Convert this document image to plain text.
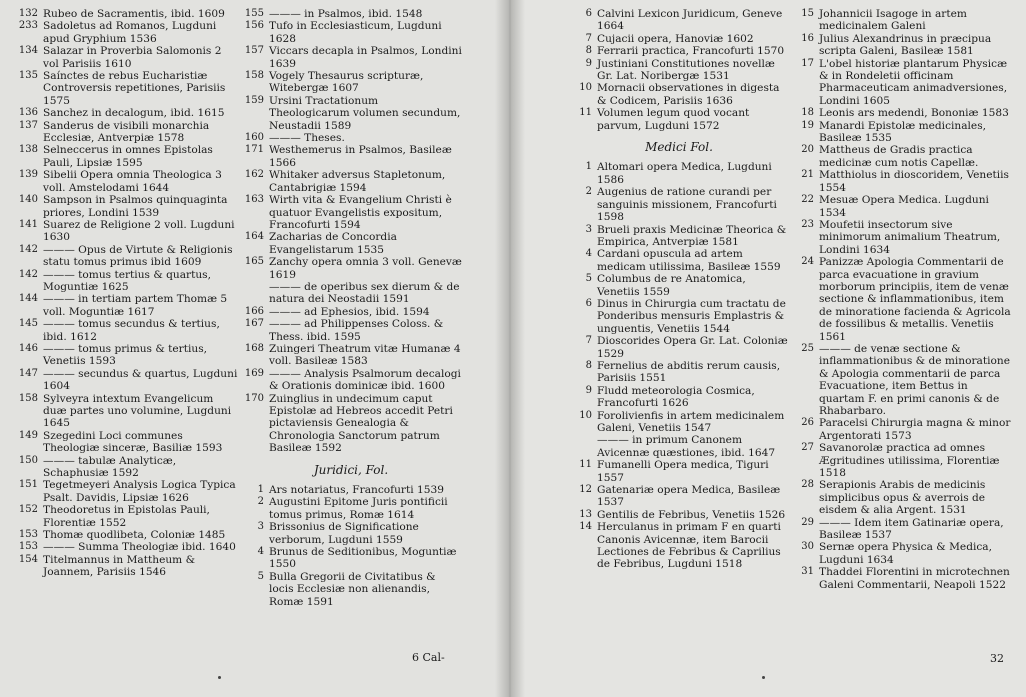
132 Rubeo de Sacramentis, ibid. 1609
233 Sadoletus ad Romanos, Lugduni apud Gryphium 1536
134 Salazar in Proverbia Salomonis 2 vol Parisiis 1610
135 Saínctes de rebus Eucharistiæ Controversis repetitiones, Parisiis 1575
136 Sanchez in decalogum, ibid. 1615
137 Sanderus de visibili monarchia Ecclesiæ, Antverpiæ 1578
138 Selneccerus in omnes Epistolas Pauli, Lipsiæ 1595
139 Sibelii Opera omnia Theologica 3 voll. Amstelodami 1644
140 Sampson in Psalmos quinquaginta priores, Londini 1539
141 Suarez de Religione 2 voll. Lugduni 1630
142 ——— Opus de Virtute & Religionis statu tomus primus ibid 1609
142 ——— tomus tertius & quartus, Moguntiæ 1625
144 ——— in tertiam partem Thomæ 5 voll. Moguntiæ 1617
145 ——— tomus secundus & tertius, ibid. 1612
146 ——— tomus primus & tertius, Venetiis 1593
147 ——— secundus & quartus, Lugduni 1604
158 Sylveyra intextum Evangelicum duæ partes uno volumine, Lugduni 1645
149 Szegedini Loci communes Theologiæ sinceræ, Basiliæ 1593
150 ——— tabulæ Analyticæ, Schaphusiæ 1592
151 Tegetmeyeri Analysis Logica Typica Psalt. Davidis, Lipsiæ 1626
152 Theodoretus in Epistolas Pauli, Florentiæ 1552
153 Thomæ quodlibeta, Coloniæ 1485
153 ——— Summa Theologiæ ibid. 1640
154 Titelmannus in Mattheum & Joannem, Parisiis 1546
155 ——— in Psalmos, ibid. 1548
156 Tufo in Ecclesiasticum, Lugduni 1628
157 Viccars decapla in Psalmos, Londini 1639
158 Vogely Thesaurus scripturæ, Witebergæ 1607
159 Ursini Tractationum Theologicarum volumen secundum, Neustadii 1589
160 ——— Theses.
171 Westhemerus in Psalmos, Basileæ 1566
162 Whitaker adversus Stapletonum, Cantabrigiæ 1594
163 Wirth vita & Evangelium Christi è quatuor Evangelistis expositum, Francofurti 1594
164 Zacharias de Concordia Evangelistarum 1535
165 Zanchy opera omnia 3 voll. Genevæ 1619
——— de operibus sex dierum & de natura dei Neostadii 1591
166 ——— ad Ephesios, ibid. 1594
167 ——— ad Philippenses Coloss. & Thess. ibid. 1595
168 Zuingeri Theatrum vitæ Humanæ 4 voll. Basileæ 1583
169 ——— Analysis Psalmorum decalogi & Orationis dominicæ ibid. 1600
170 Zuinglius in undecimum caput Epistolæ ad Hebreos accedit Petri pictaviensis Genealogia & Chronologia Sanctorum patrum Basileæ 1592
Juridici, Fol.
1 Ars notariatus, Francofurti 1539
2 Augustini Epitome Juris pontificii tomus primus, Romæ 1614
3 Brissonius de Significatione verborum, Lugduni 1559
4 Brunus de Seditionibus, Moguntiæ 1550
5 Bulla Gregorii de Civitatibus & locis Ecclesiæ non alienandis, Romæ 1591
6 Cal-
6 Calvini Lexicon Juridicum, Geneve 1664
7 Cujacii opera, Hanoviæ 1602
8 Ferrarii practica, Francofurti 1570
9 Justiniani Constitutiones novellæ Gr. Lat. Noribergæ 1531
10 Mornacii observationes in digesta & Codicem, Parisiis 1636
11 Volumen legum quod vocant parvum, Lugduni 1572
Medici Fol.
1 Altomari opera Medica, Lugduni 1586
2 Augenius de ratione curandi per sanguinis missionem, Francofurti 1598
3 Brueli praxis Medicinæ Theorica & Empirica, Antverpiæ 1581
4 Cardani opuscula ad artem medicam utilissima, Basileæ 1559
5 Columbus de re Anatomica, Venetiis 1559
6 Dinus in Chirurgia cum tractatu de Ponderibus mensuris Emplastris & unguentis, Venetiis 1544
7 Dioscorides Opera Gr. Lat. Coloniæ 1529
8 Fernelius de abditis rerum causis, Parisiis 1551
9 Fludd meteorologia Cosmica, Francofurti 1626
10 Forolivienfis in artem medicinalem Galeni, Venetiis 1547
——— in primum Canonem Avicennæ quæstiones, ibid. 1647
11 Fumanelli Opera medica, Tiguri 1557
12 Gatenariæ opera Medica, Basileæ 1537
13 Gentilis de Febribus, Venetiis 1526
14 Herculanus in primam F en quarti Canonis Avicennæ, item Barocii Lectiones de Febribus & Caprilius de Febribus, Lugduni 1518
15 Johannicii Isagoge in artem medicinalem Galeni
16 Julius Alexandrinus in præcipua scripta Galeni, Basileæ 1581
17 L'obel historiæ plantarum Physicæ & in Rondeletii officinam Pharmaceuticam animadversiones, Londini 1605
18 Leonis ars medendi, Bononiæ 1583
19 Manardi Epistolæ medicinales, Basileæ 1535
20 Mattheus de Gradis practica medicinæ cum notis Capellæ.
21 Matthiolus in dioscoridem, Venetiis 1554
22 Mesuæ Opera Medica. Lugduni 1534
23 Moufetii insectorum sive minimorum animalium Theatrum, Londini 1634
24 Panizzæ Apologia Commentarii de parca evacuatione in gravium morborum principiis, item de venæ sectione & inflammationibus, item de minoratione facienda & Agricola de fossilibus & metallis. Venetiis 1561
25 ——— de venæ sectione & inflammationibus & de minoratione & Apologia commentarii de parca Evacuatione, item Bettus in quartam F. en primi canonis & de Rhabarbaro.
26 Paracelsi Chirurgia magna & minor Argentorati 1573
27 Savanorolæ practica ad omnes Ægritudines utilissima, Florentiæ 1518
28 Serapionis Arabis de medicinis simplicibus opus & averrois de eisdem & alia Argent. 1531
29 ——— Idem item Gatinariæ opera, Basileæ 1537
30 Sernæ opera Physica & Medica, Lugduni 1634
31 Thaddei Florentini in microtechnen Galeni Commentarii, Neapoli 1522
32
